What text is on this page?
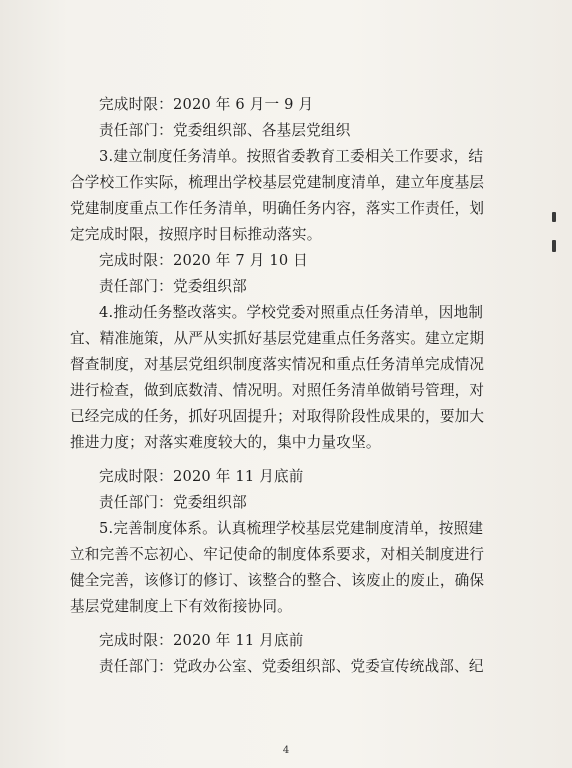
完成时限：2020 年 6 月一 9 月
责任部门：党委组织部、各基层党组织
3.建立制度任务清单。按照省委教育工委相关工作要求，结
合学校工作实际，梳理出学校基层党建制度清单，建立年度基层
党建制度重点工作任务清单，明确任务内容，落实工作责任，划
定完成时限，按照序时目标推动落实。
完成时限：2020 年 7 月 10 日
责任部门：党委组织部
4.推动任务整改落实。学校党委对照重点任务清单，因地制
宜、精准施策，从严从实抓好基层党建重点任务落实。建立定期
督查制度，对基层党组织制度落实情况和重点任务清单完成情况
进行检查，做到底数清、情况明。对照任务清单做销号管理，对
已经完成的任务，抓好巩固提升；对取得阶段性成果的，要加大
推进力度；对落实难度较大的，集中力量攻坚。
完成时限：2020 年 11 月底前
责任部门：党委组织部
5.完善制度体系。认真梳理学校基层党建制度清单，按照建
立和完善不忘初心、牢记使命的制度体系要求，对相关制度进行
健全完善，该修订的修订、该整合的整合、该废止的废止，确保
基层党建制度上下有效衔接协同。
完成时限：2020 年 11 月底前
责任部门：党政办公室、党委组织部、党委宣传统战部、纪
4
